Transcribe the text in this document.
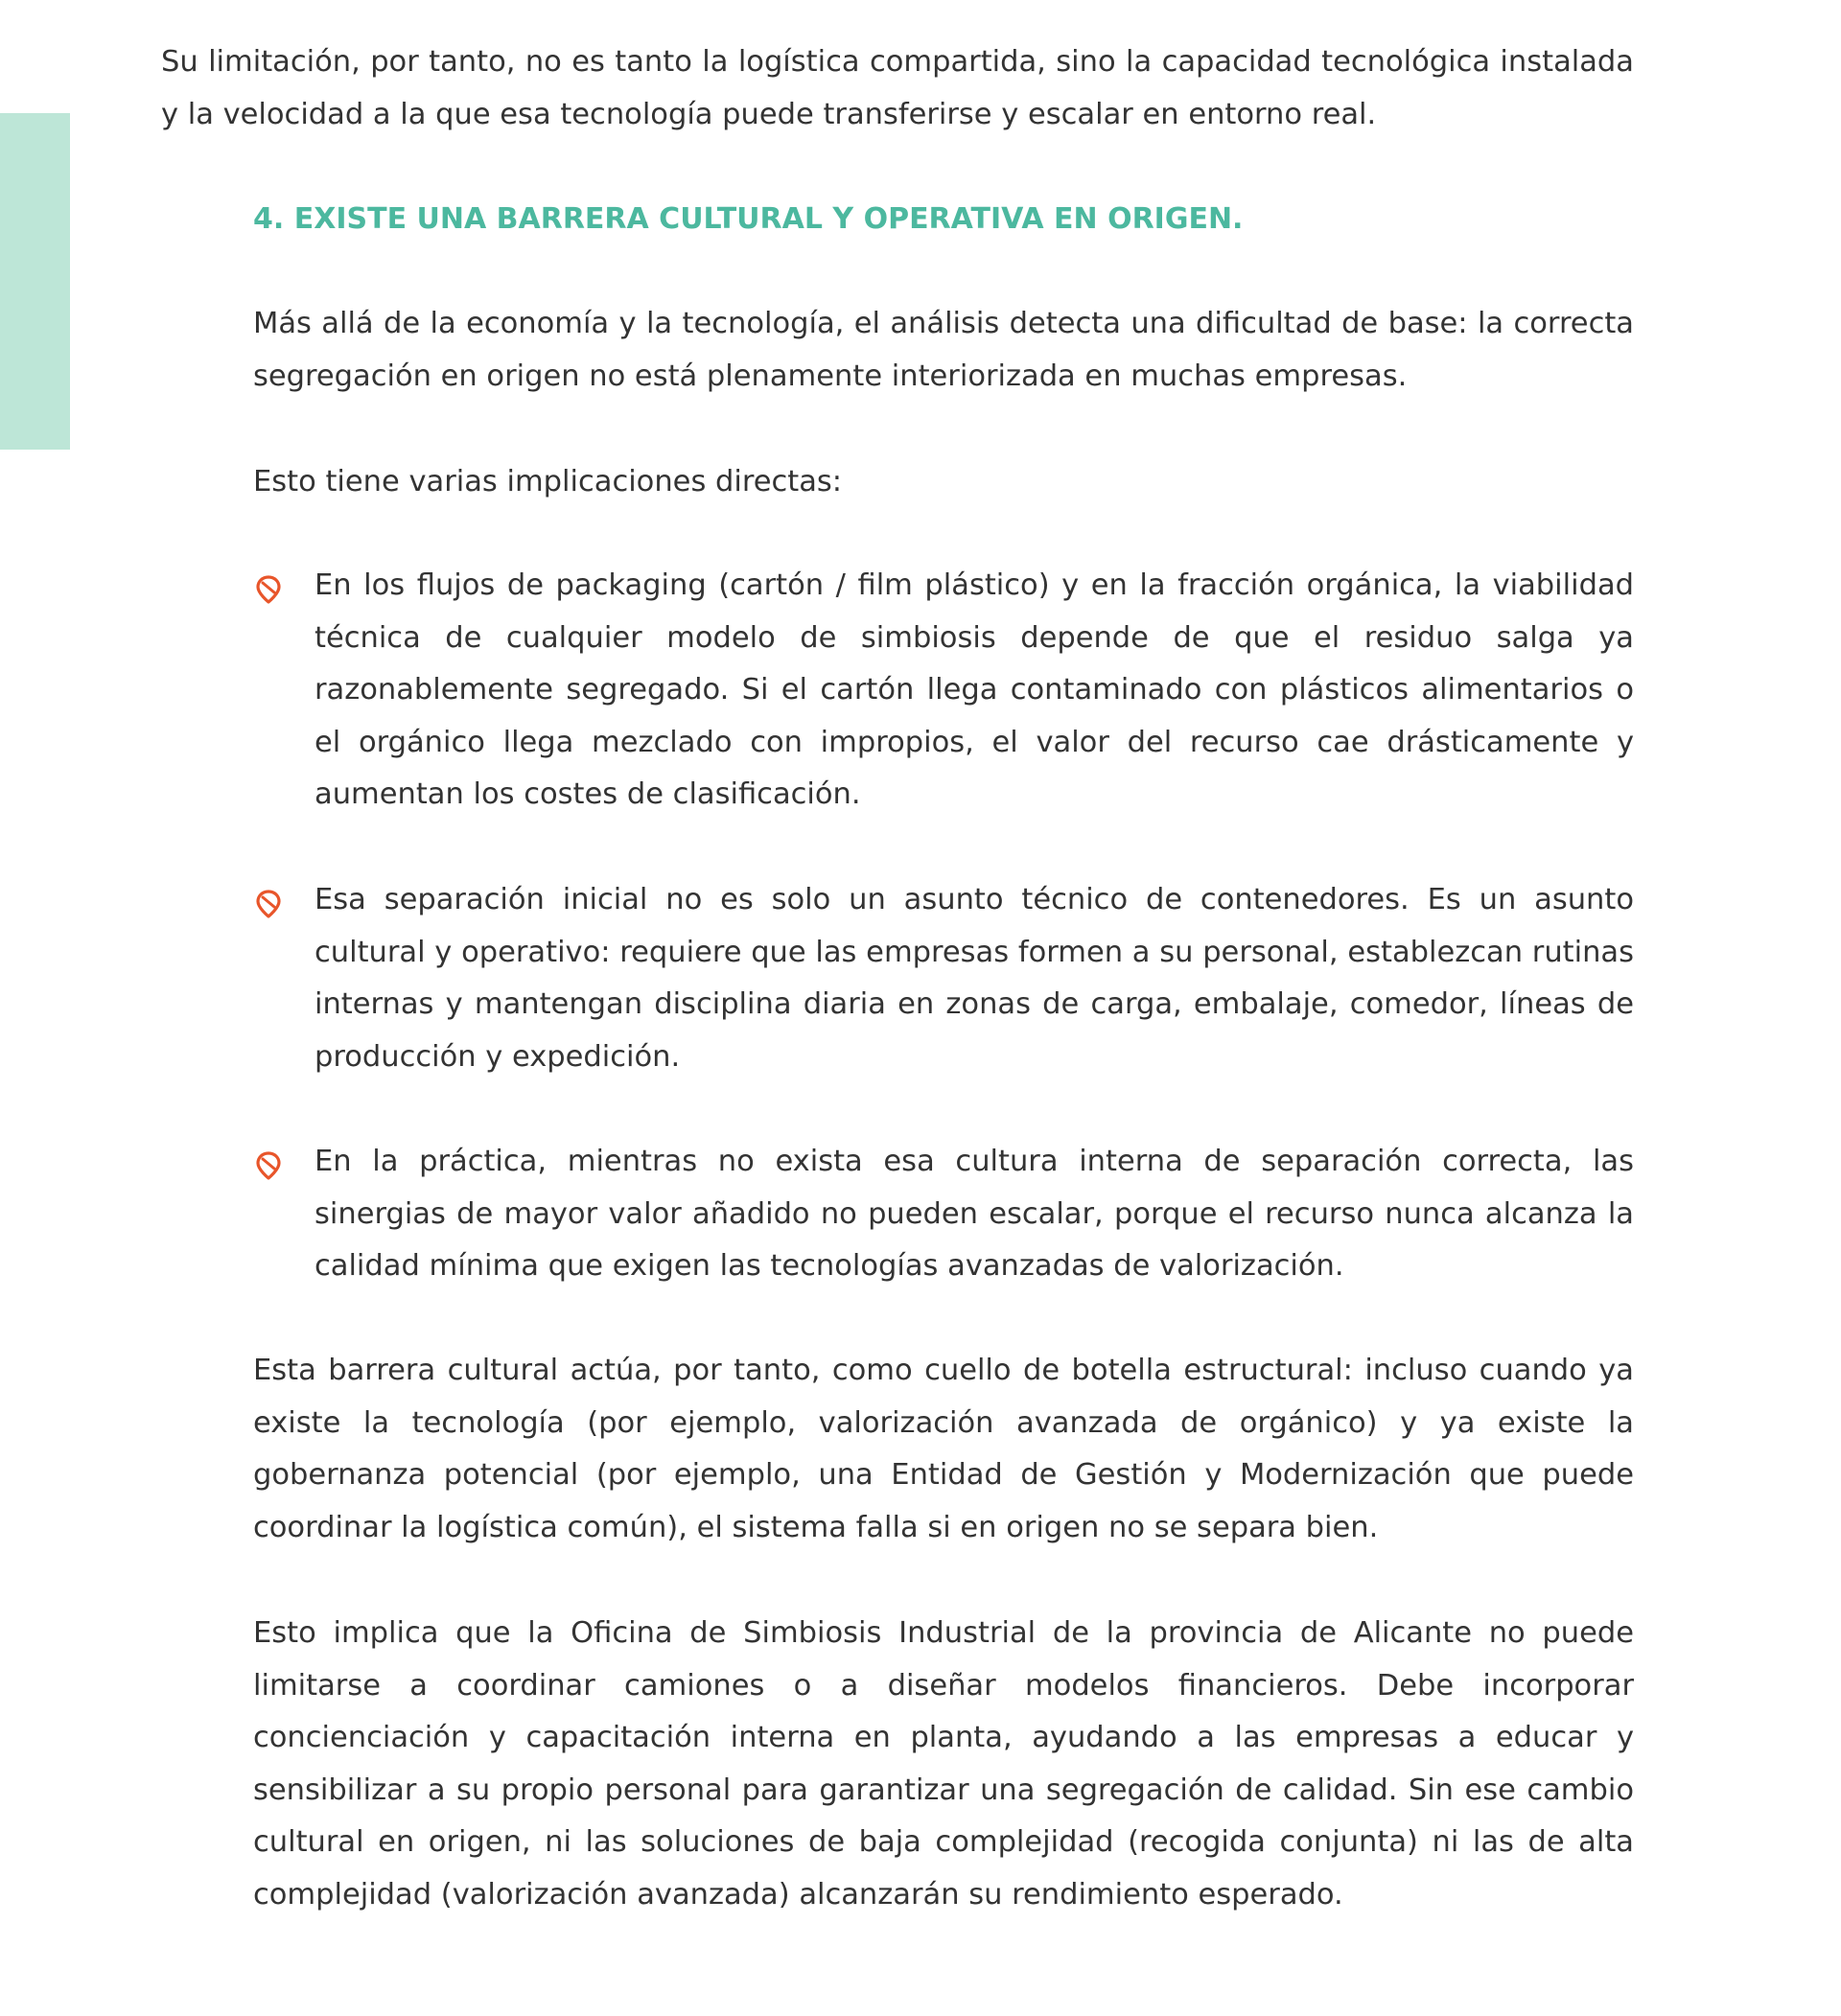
Su limitación, por tanto, no es tanto la logística compartida, sino la capacidad tecnológica instalada y la velocidad a la que esa tecnología puede transferirse y escalar en entorno real.

4. EXISTE UNA BARRERA CULTURAL Y OPERATIVA EN ORIGEN.

Más allá de la economía y la tecnología, el análisis detecta una dificultad de base: la correcta segregación en origen no está plenamente interiorizada en muchas empresas.

Esto tiene varias implicaciones directas:

En los flujos de packaging (cartón / film plástico) y en la fracción orgánica, la viabilidad técnica de cualquier modelo de simbiosis depende de que el residuo salga ya razonablemente segregado. Si el cartón llega contaminado con plásticos alimentarios o el orgánico llega mezclado con impropios, el valor del recurso cae drásticamente y aumentan los costes de clasificación.

Esa separación inicial no es solo un asunto técnico de contenedores. Es un asunto cultural y operativo: requiere que las empresas formen a su personal, establezcan rutinas internas y mantengan disciplina diaria en zonas de carga, embalaje, comedor, líneas de producción y expedición.

En la práctica, mientras no exista esa cultura interna de separación correcta, las sinergias de mayor valor añadido no pueden escalar, porque el recurso nunca alcanza la calidad mínima que exigen las tecnologías avanzadas de valorización.

Esta barrera cultural actúa, por tanto, como cuello de botella estructural: incluso cuando ya existe la tecnología (por ejemplo, valorización avanzada de orgánico) y ya existe la gobernanza potencial (por ejemplo, una Entidad de Gestión y Modernización que puede coordinar la logística común), el sistema falla si en origen no se separa bien.

Esto implica que la Oficina de Simbiosis Industrial de la provincia de Alicante no puede limitarse a coordinar camiones o a diseñar modelos financieros. Debe incorporar concienciación y capacitación interna en planta, ayudando a las empresas a educar y sensibilizar a su propio personal para garantizar una segregación de calidad. Sin ese cambio cultural en origen, ni las soluciones de baja complejidad (recogida conjunta) ni las de alta complejidad (valorización avanzada) alcanzarán su rendimiento esperado.
